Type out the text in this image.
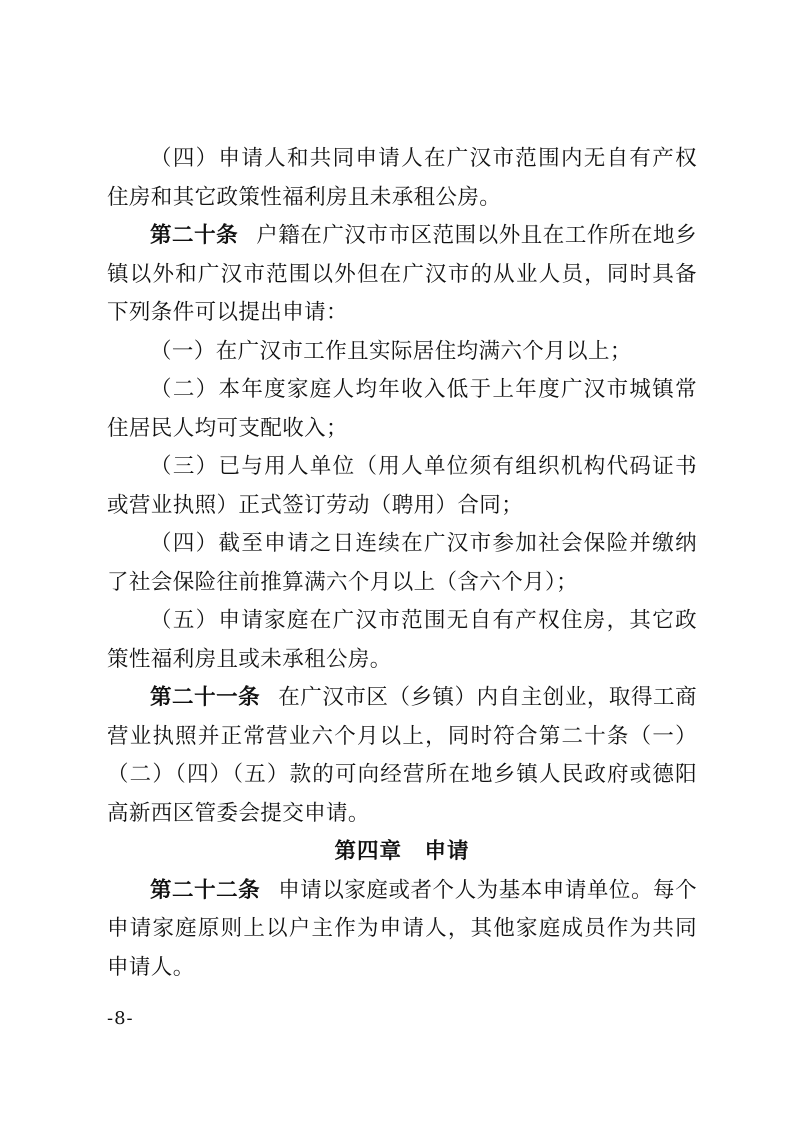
（四）申请人和共同申请人在广汉市范围内无自有产权住房和其它政策性福利房且未承租公房。

第二十条 户籍在广汉市市区范围以外且在工作所在地乡镇以外和广汉市范围以外但在广汉市的从业人员，同时具备下列条件可以提出申请：

（一）在广汉市工作且实际居住均满六个月以上；

（二）本年度家庭人均年收入低于上年度广汉市城镇常住居民人均可支配收入；

（三）已与用人单位（用人单位须有组织机构代码证书或营业执照）正式签订劳动（聘用）合同；

（四）截至申请之日连续在广汉市参加社会保险并缴纳了社会保险往前推算满六个月以上（含六个月）；

（五）申请家庭在广汉市范围无自有产权住房，其它政策性福利房且或未承租公房。

第二十一条 在广汉市区（乡镇）内自主创业，取得工商营业执照并正常营业六个月以上，同时符合第二十条（一）（二）（四）（五）款的可向经营所在地乡镇人民政府或德阳高新西区管委会提交申请。

第四章　申请

第二十二条 申请以家庭或者个人为基本申请单位。每个申请家庭原则上以户主作为申请人，其他家庭成员作为共同申请人。

-8-
